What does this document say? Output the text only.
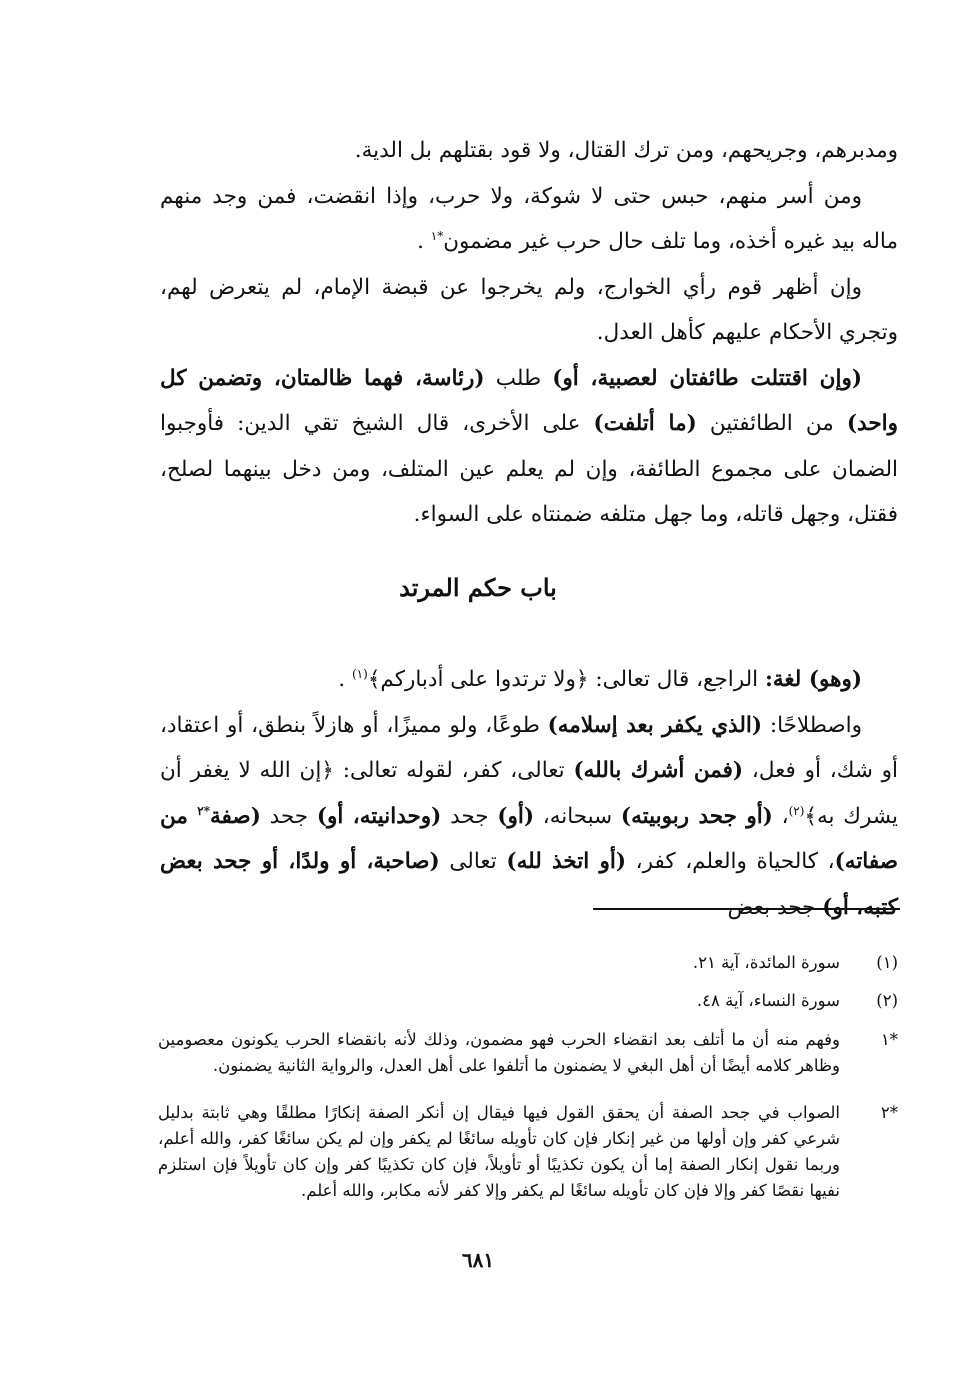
ومدبرهم، وجريحهم، ومن ترك القتال، ولا قود بقتلهم بل الدية.

ومن أسر منهم، حبس حتى لا شوكة، ولا حرب، وإذا انقضت، فمن وجد منهم ماله بيد غيره أخذه، وما تلف حال حرب غير مضمون$^{*١}$ .

وإن أظهر قوم رأي الخوارج، ولم يخرجوا عن قبضة الإمام، لم يتعرض لهم، وتجري الأحكام عليهم كأهل العدل.

(وإن اقتتلت طائفتان لعصبية، أو) طلب (رئاسة، فهما ظالمتان، وتضمن كل واحد) من الطائفتين (ما أتلفت) على الأخرى، قال الشيخ تقي الدين: فأوجبوا الضمان على مجموع الطائفة، وإن لم يعلم عين المتلف، ومن دخل بينهما لصلح، فقتل، وجهل قاتله، وما جهل متلفه ضمنتاه على السواء.

باب حكم المرتد

(وهو) لغة: الراجع، قال تعالى: ﴿ولا ترتدوا على أدباركم﴾$^{(١)}$ .

واصطلاحًا: (الذي يكفر بعد إسلامه) طوعًا، ولو مميزًا، أو هازلاً بنطق، أو اعتقاد، أو شك، أو فعل، (فمن أشرك بالله) تعالى، كفر، لقوله تعالى: ﴿إن الله لا يغفر أن يشرك به﴾$^{(٢)}$، (أو جحد ربوبيته) سبحانه، (أو) جحد (وحدانيته، أو) جحد (صفة$^{*٢}$ من صفاته)، كالحياة والعلم، كفر، (أو اتخذ لله) تعالى (صاحبة، أو ولدًا، أو جحد بعض كتبه، أو) جحد بعض

(١)
سورة المائدة، آية ٢١.
(٢)
سورة النساء، آية ٤٨.
*١
وفهم منه أن ما أتلف بعد انقضاء الحرب فهو مضمون، وذلك لأنه بانقضاء الحرب يكونون معصومين وظاهر كلامه أيضًا أن أهل البغي لا يضمنون ما أتلفوا على أهل العدل، والرواية الثانية يضمنون.
*٢
الصواب في جحد الصفة أن يحقق القول فيها فيقال إن أنكر الصفة إنكارًا مطلقًا وهي ثابتة بدليل شرعي كفر وإن أولها من غير إنكار فإن كان تأويله سائغًا لم يكفر وإن لم يكن سائغًا كفر، والله أعلم، وربما نقول إنكار الصفة إما أن يكون تكذيبًا أو تأويلاً، فإن كان تكذيبًا كفر وإن كان تأويلاً فإن استلزم نفيها نقصًا كفر وإلا فإن كان تأويله سائغًا لم يكفر وإلا كفر لأنه مكابر، والله أعلم.
٦٨١
